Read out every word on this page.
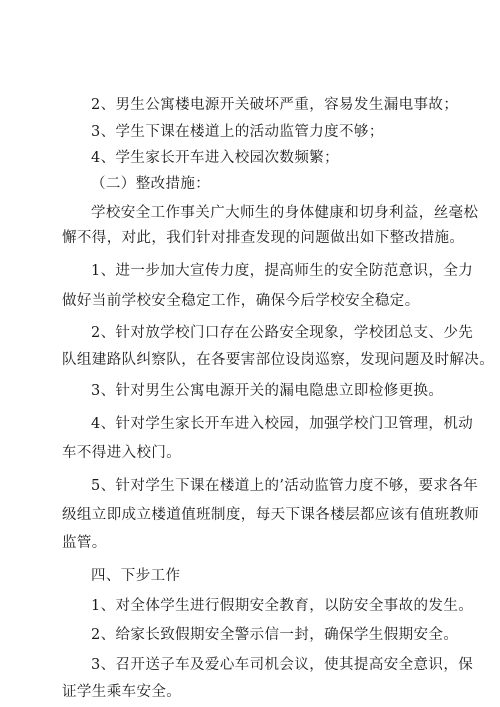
2、男生公寓楼电源开关破坏严重，容易发生漏电事故；
3、学生下课在楼道上的活动监管力度不够；
4、学生家长开车进入校园次数频繁；
（二）整改措施：
学校安全工作事关广大师生的身体健康和切身利益，丝毫松
懈不得，对此，我们针对排查发现的问题做出如下整改措施。
1、进一步加大宣传力度，提高师生的安全防范意识，全力
做好当前学校安全稳定工作，确保今后学校安全稳定。
2、针对放学校门口存在公路安全现象，学校团总支、少先
队组建路队纠察队，在各要害部位设岗巡察，发现问题及时解决。
3、针对男生公寓电源开关的漏电隐患立即检修更换。
4、针对学生家长开车进入校园，加强学校门卫管理，机动
车不得进入校门。
5、针对学生下课在楼道上的’活动监管力度不够，要求各年
级组立即成立楼道值班制度，每天下课各楼层都应该有值班教师
监管。
四、下步工作
1、对全体学生进行假期安全教育，以防安全事故的发生。
2、给家长致假期安全警示信一封，确保学生假期安全。
3、召开送子车及爱心车司机会议，使其提高安全意识，保
证学生乘车安全。
